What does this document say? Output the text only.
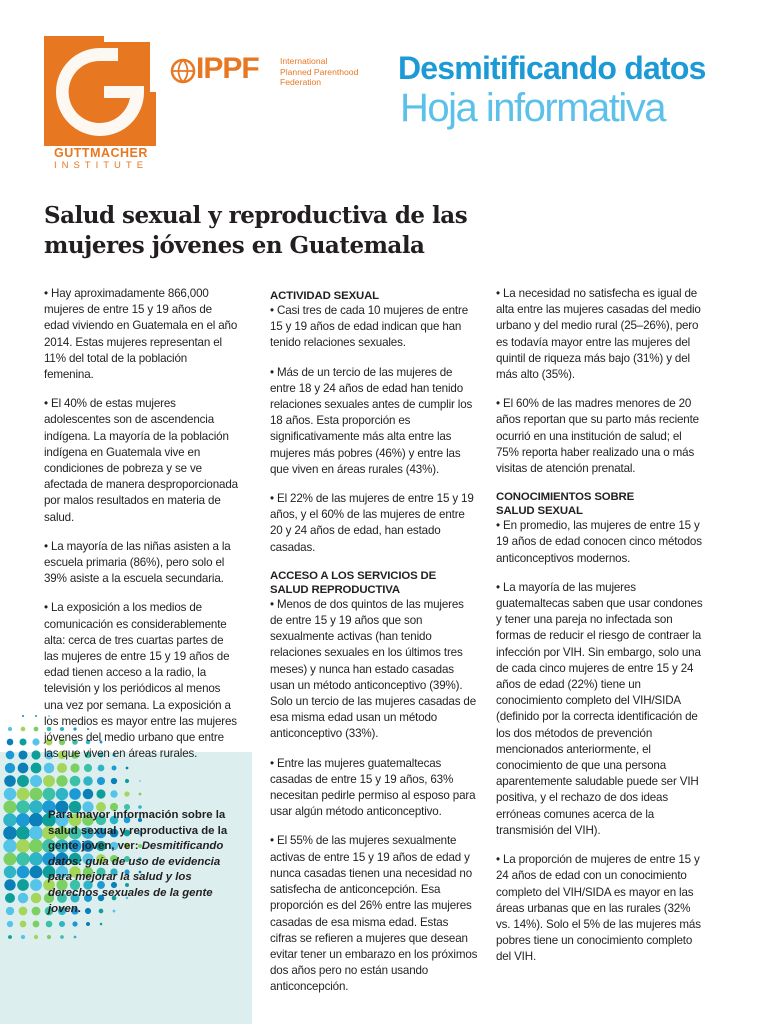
GUTTMACHER
INSTITUTE
IPPF International
Planned Parenthood
Federation	Desmitificando datos
Hoja informativa
Salud sexual y reproductiva de las
mujeres jóvenes en Guatemala
Para mayor información sobre la salud sexual y reproductiva de la gente joven, ver: Desmitificando datos: guía de uso de evidencia para mejorar la salud y los derechos sexuales de la gente joven.

• Hay aproximadamente 866,000 mujeres de entre 15 y 19 años de edad viviendo en Guatemala en el año 2014. Estas mujeres representan el 11% del total de la población femenina.

• El 40% de estas mujeres adolescentes son de ascendencia indígena. La mayoría de la población indígena en Guatemala vive en condiciones de pobreza y se ve afectada de manera desproporcionada por malos resultados en materia de salud.

• La mayoría de las niñas asisten a la escuela primaria (86%), pero solo el 39% asiste a la escuela secundaria.

• La exposición a los medios de comunicación es considerablemente alta: cerca de tres cuartas partes de las mujeres de entre 15 y 19 años de edad tienen acceso a la radio, la televisión y los periódicos al menos una vez por semana. La exposición a los medios es mayor entre las mujeres jóvenes del medio urbano que entre las que viven en áreas rurales.

ACTIVIDAD SEXUAL

• Casi tres de cada 10 mujeres de entre 15 y 19 años de edad indican que han tenido relaciones sexuales.

• Más de un tercio de las mujeres de entre 18 y 24 años de edad han tenido relaciones sexuales antes de cumplir los 18 años. Esta proporción es significativamente más alta entre las mujeres más pobres (46%) y entre las que viven en áreas rurales (43%).

• El 22% de las mujeres de entre 15 y 19 años, y el 60% de las mujeres de entre 20 y 24 años de edad, han estado casadas.

ACCESO A LOS SERVICIOS DE
SALUD REPRODUCTIVA

• Menos de dos quintos de las mujeres de entre 15 y 19 años que son sexualmente activas (han tenido relaciones sexuales en los últimos tres meses) y nunca han estado casadas usan un método anticonceptivo (39%). Solo un tercio de las mujeres casadas de esa misma edad usan un método anticonceptivo (33%).

• Entre las mujeres guatemaltecas casadas de entre 15 y 19 años, 63% necesitan pedirle permiso al esposo para usar algún método anticonceptivo.

• El 55% de las mujeres sexualmente activas de entre 15 y 19 años de edad y nunca casadas tienen una necesidad no satisfecha de anticoncepción. Esa proporción es del 26% entre las mujeres casadas de esa misma edad. Estas cifras se refieren a mujeres que desean evitar tener un embarazo en los próximos dos años pero no están usando anticoncepción.

• La necesidad no satisfecha es igual de alta entre las mujeres casadas del medio urbano y del medio rural (25–26%), pero es todavía mayor entre las mujeres del quintil de riqueza más bajo (31%) y del más alto (35%).

• El 60% de las madres menores de 20 años reportan que su parto más reciente ocurrió en una institución de salud; el 75% reporta haber realizado una o más visitas de atención prenatal.

CONOCIMIENTOS SOBRE
SALUD SEXUAL

• En promedio, las mujeres de entre 15 y 19 años de edad conocen cinco métodos anticonceptivos modernos.

• La mayoría de las mujeres guatemaltecas saben que usar condones y tener una pareja no infectada son formas de reducir el riesgo de contraer la infección por VIH. Sin embargo, solo una de cada cinco mujeres de entre 15 y 24 años de edad (22%) tiene un conocimiento completo del VIH/SIDA (definido por la correcta identificación de los dos métodos de prevención mencionados anteriormente, el conocimiento de que una persona aparentemente saludable puede ser VIH positiva, y el rechazo de dos ideas erróneas comunes acerca de la transmisión del VIH).

• La proporción de mujeres de entre 15 y 24 años de edad con un conocimiento completo del VIH/SIDA es mayor en las áreas urbanas que en las rurales (32% vs. 14%). Solo el 5% de las mujeres más pobres tiene un conocimiento completo del VIH.
